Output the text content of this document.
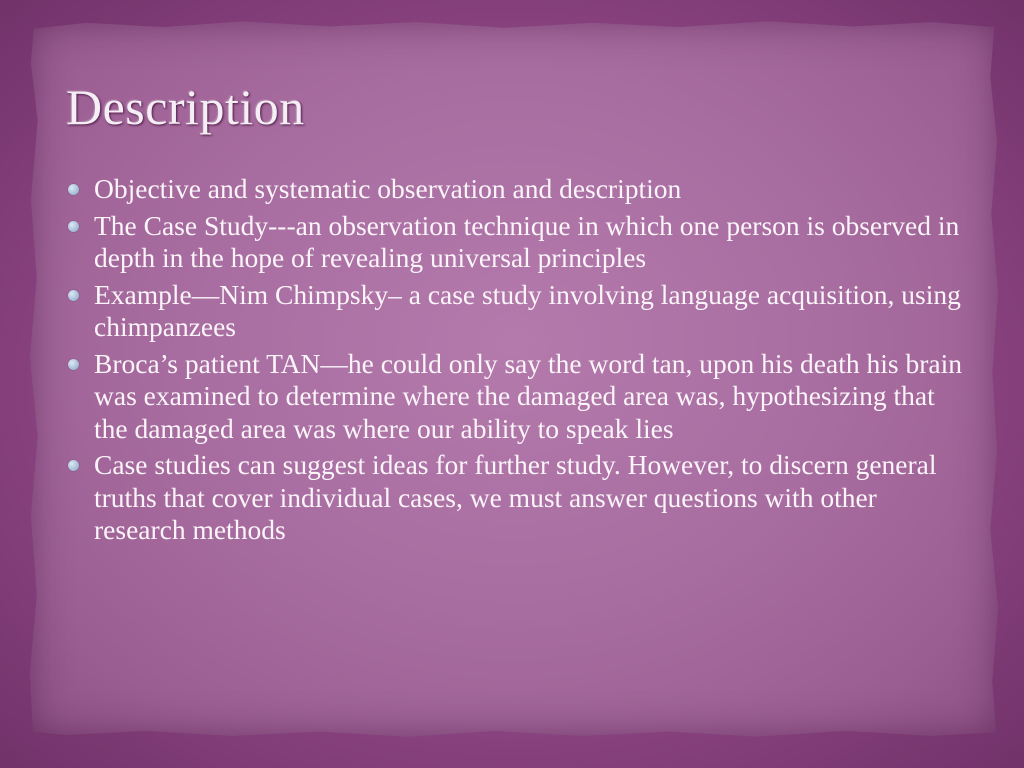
Description
Objective and systematic observation and description
The Case Study---an observation technique in which one person is observed in depth in the hope of revealing universal principles
Example—Nim Chimpsky– a case study involving language acquisition, using chimpanzees
Broca’s patient TAN—he could only say the word tan, upon his death his brain was examined to determine where the damaged area was, hypothesizing that the damaged area was where our ability to speak lies
Case studies can suggest ideas for further study. However, to discern general truths that cover individual cases, we must answer questions with other research methods
